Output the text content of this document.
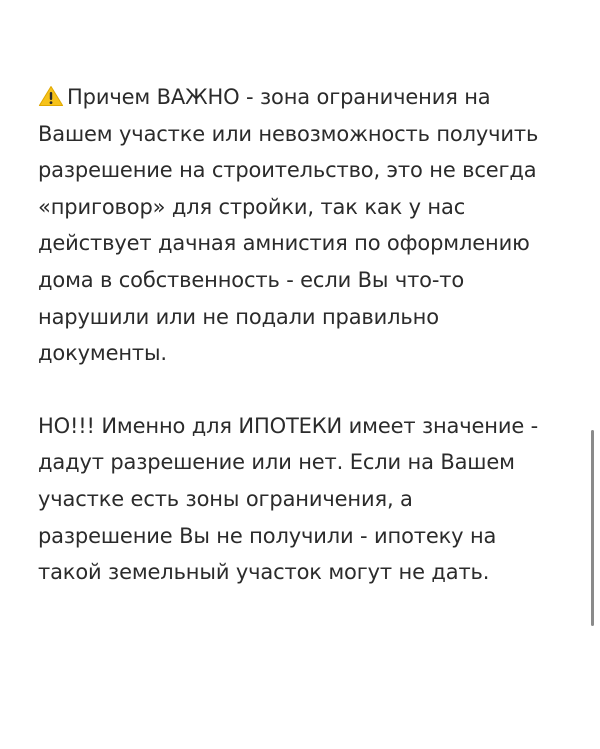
Причем ВАЖНО - зона ограничения на
Вашем участке или невозможность получить
разрешение на строительство, это не всегда
«приговор» для стройки, так как у нас
действует дачная амнистия по оформлению
дома в собственность - если Вы что-то
нарушили или не подали правильно
документы.

НО!!! Именно для ИПОТЕКИ имеет значение -
дадут разрешение или нет. Если на Вашем
участке есть зоны ограничения, а
разрешение Вы не получили - ипотеку на
такой земельный участок могут не дать.
